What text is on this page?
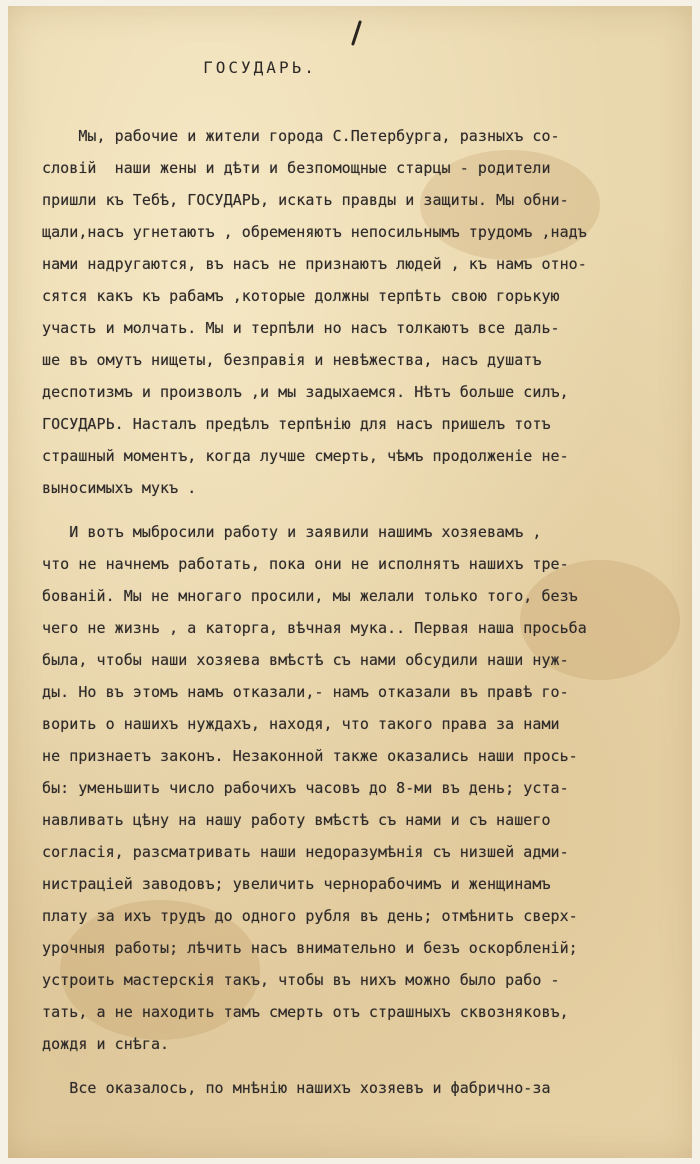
ГОСУДАРЬ.
Мы, рабочие и жители города С.Петербурга, разныхъ со-
словій  наши жены и дѣти и безпомощные старцы - родители
пришли къ Тебѣ, ГОСУДАРЬ, искать правды и защиты. Мы обни-
щали,насъ угнетаютъ , обременяютъ непосильнымъ трудомъ ,надъ
нами надругаются, въ насъ не признаютъ людей , къ намъ отно-
сятся какъ къ рабамъ ,которые должны терпѣть свою горькую
участь и молчать. Мы и терпѣли но насъ толкаютъ все даль-
ше въ омутъ нищеты, безправія и невѣжества, насъ душатъ
деспотизмъ и произволъ ,и мы задыхаемся. Нѣтъ больше силъ,
ГОСУДАРЬ. Насталъ предѣлъ терпѣнію для насъ пришелъ тотъ
страшный моментъ, когда лучше смерть, чѣмъ продолженіе не-
выносимыхъ мукъ .
И вотъ мыбросили работу и заявили нашимъ хозяевамъ ,
что не начнемъ работать, пока они не исполнятъ нашихъ тре-
бованій. Мы не многаго просили, мы желали только того, безъ
чего не жизнь , а каторга, вѣчная мука.. Первая наша просьба
была, чтобы наши хозяева вмѣстѣ съ нами обсудили наши нуж-
ды. Но въ этомъ намъ отказали,- намъ отказали въ правѣ го-
ворить о нашихъ нуждахъ, находя, что такого права за нами
не признаетъ законъ. Незаконной также оказались наши прось-
бы: уменьшить число рабочихъ часовъ до 8-ми въ день; уста-
навливать цѣну на нашу работу вмѣстѣ съ нами и съ нашего
согласія, разсматривать наши недоразумѣнія съ низшей адми-
нистраціей заводовъ; увеличить чернорабочимъ и женщинамъ
плату за ихъ трудъ до одного рубля въ день; отмѣнить сверх-
урочныя работы; лѣчить насъ внимательно и безъ оскорбленій;
устроить мастерскія такъ, чтобы въ нихъ можно было рабо -
тать, а не находить тамъ смерть отъ страшныхъ сквозняковъ,
дождя и снѣга.
Все оказалось, по мнѣнію нашихъ хозяевъ и фабрично-за
